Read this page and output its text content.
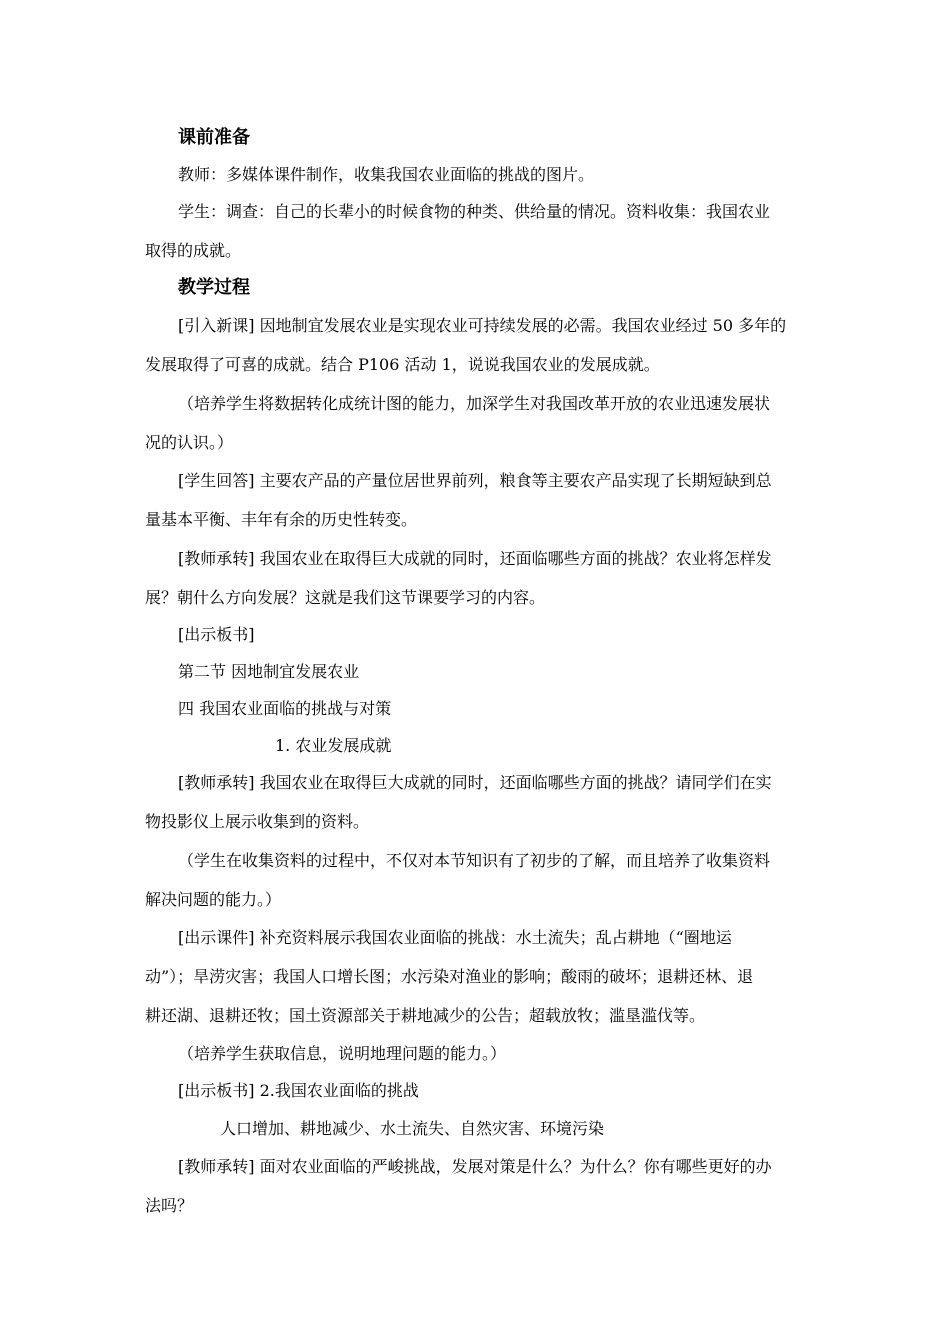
课前准备
教师：多媒体课件制作，收集我国农业面临的挑战的图片。
学生：调查：自己的长辈小的时候食物的种类、供给量的情况。资料收集：我国农业
取得的成就。
教学过程
[引入新课] 因地制宜发展农业是实现农业可持续发展的必需。我国农业经过 50 多年的
发展取得了可喜的成就。结合 P106 活动 1，说说我国农业的发展成就。
（培养学生将数据转化成统计图的能力，加深学生对我国改革开放的农业迅速发展状
况的认识。）
[学生回答] 主要农产品的产量位居世界前列，粮食等主要农产品实现了长期短缺到总
量基本平衡、丰年有余的历史性转变。
[教师承转] 我国农业在取得巨大成就的同时，还面临哪些方面的挑战？农业将怎样发
展？朝什么方向发展？这就是我们这节课要学习的内容。
[出示板书]
第二节 因地制宜发展农业
四 我国农业面临的挑战与对策
1. 农业发展成就
[教师承转] 我国农业在取得巨大成就的同时，还面临哪些方面的挑战？请同学们在实
物投影仪上展示收集到的资料。
（学生在收集资料的过程中，不仅对本节知识有了初步的了解，而且培养了收集资料
解决问题的能力。）
[出示课件] 补充资料展示我国农业面临的挑战：水土流失；乱占耕地（“圈地运
动”）；旱涝灾害；我国人口增长图；水污染对渔业的影响；酸雨的破坏；退耕还林、退
耕还湖、退耕还牧；国土资源部关于耕地减少的公告；超载放牧；滥垦滥伐等。
（培养学生获取信息，说明地理问题的能力。）
[出示板书] 2.我国农业面临的挑战
人口增加、耕地减少、水土流失、自然灾害、环境污染
[教师承转] 面对农业面临的严峻挑战，发展对策是什么？为什么？你有哪些更好的办
法吗？
